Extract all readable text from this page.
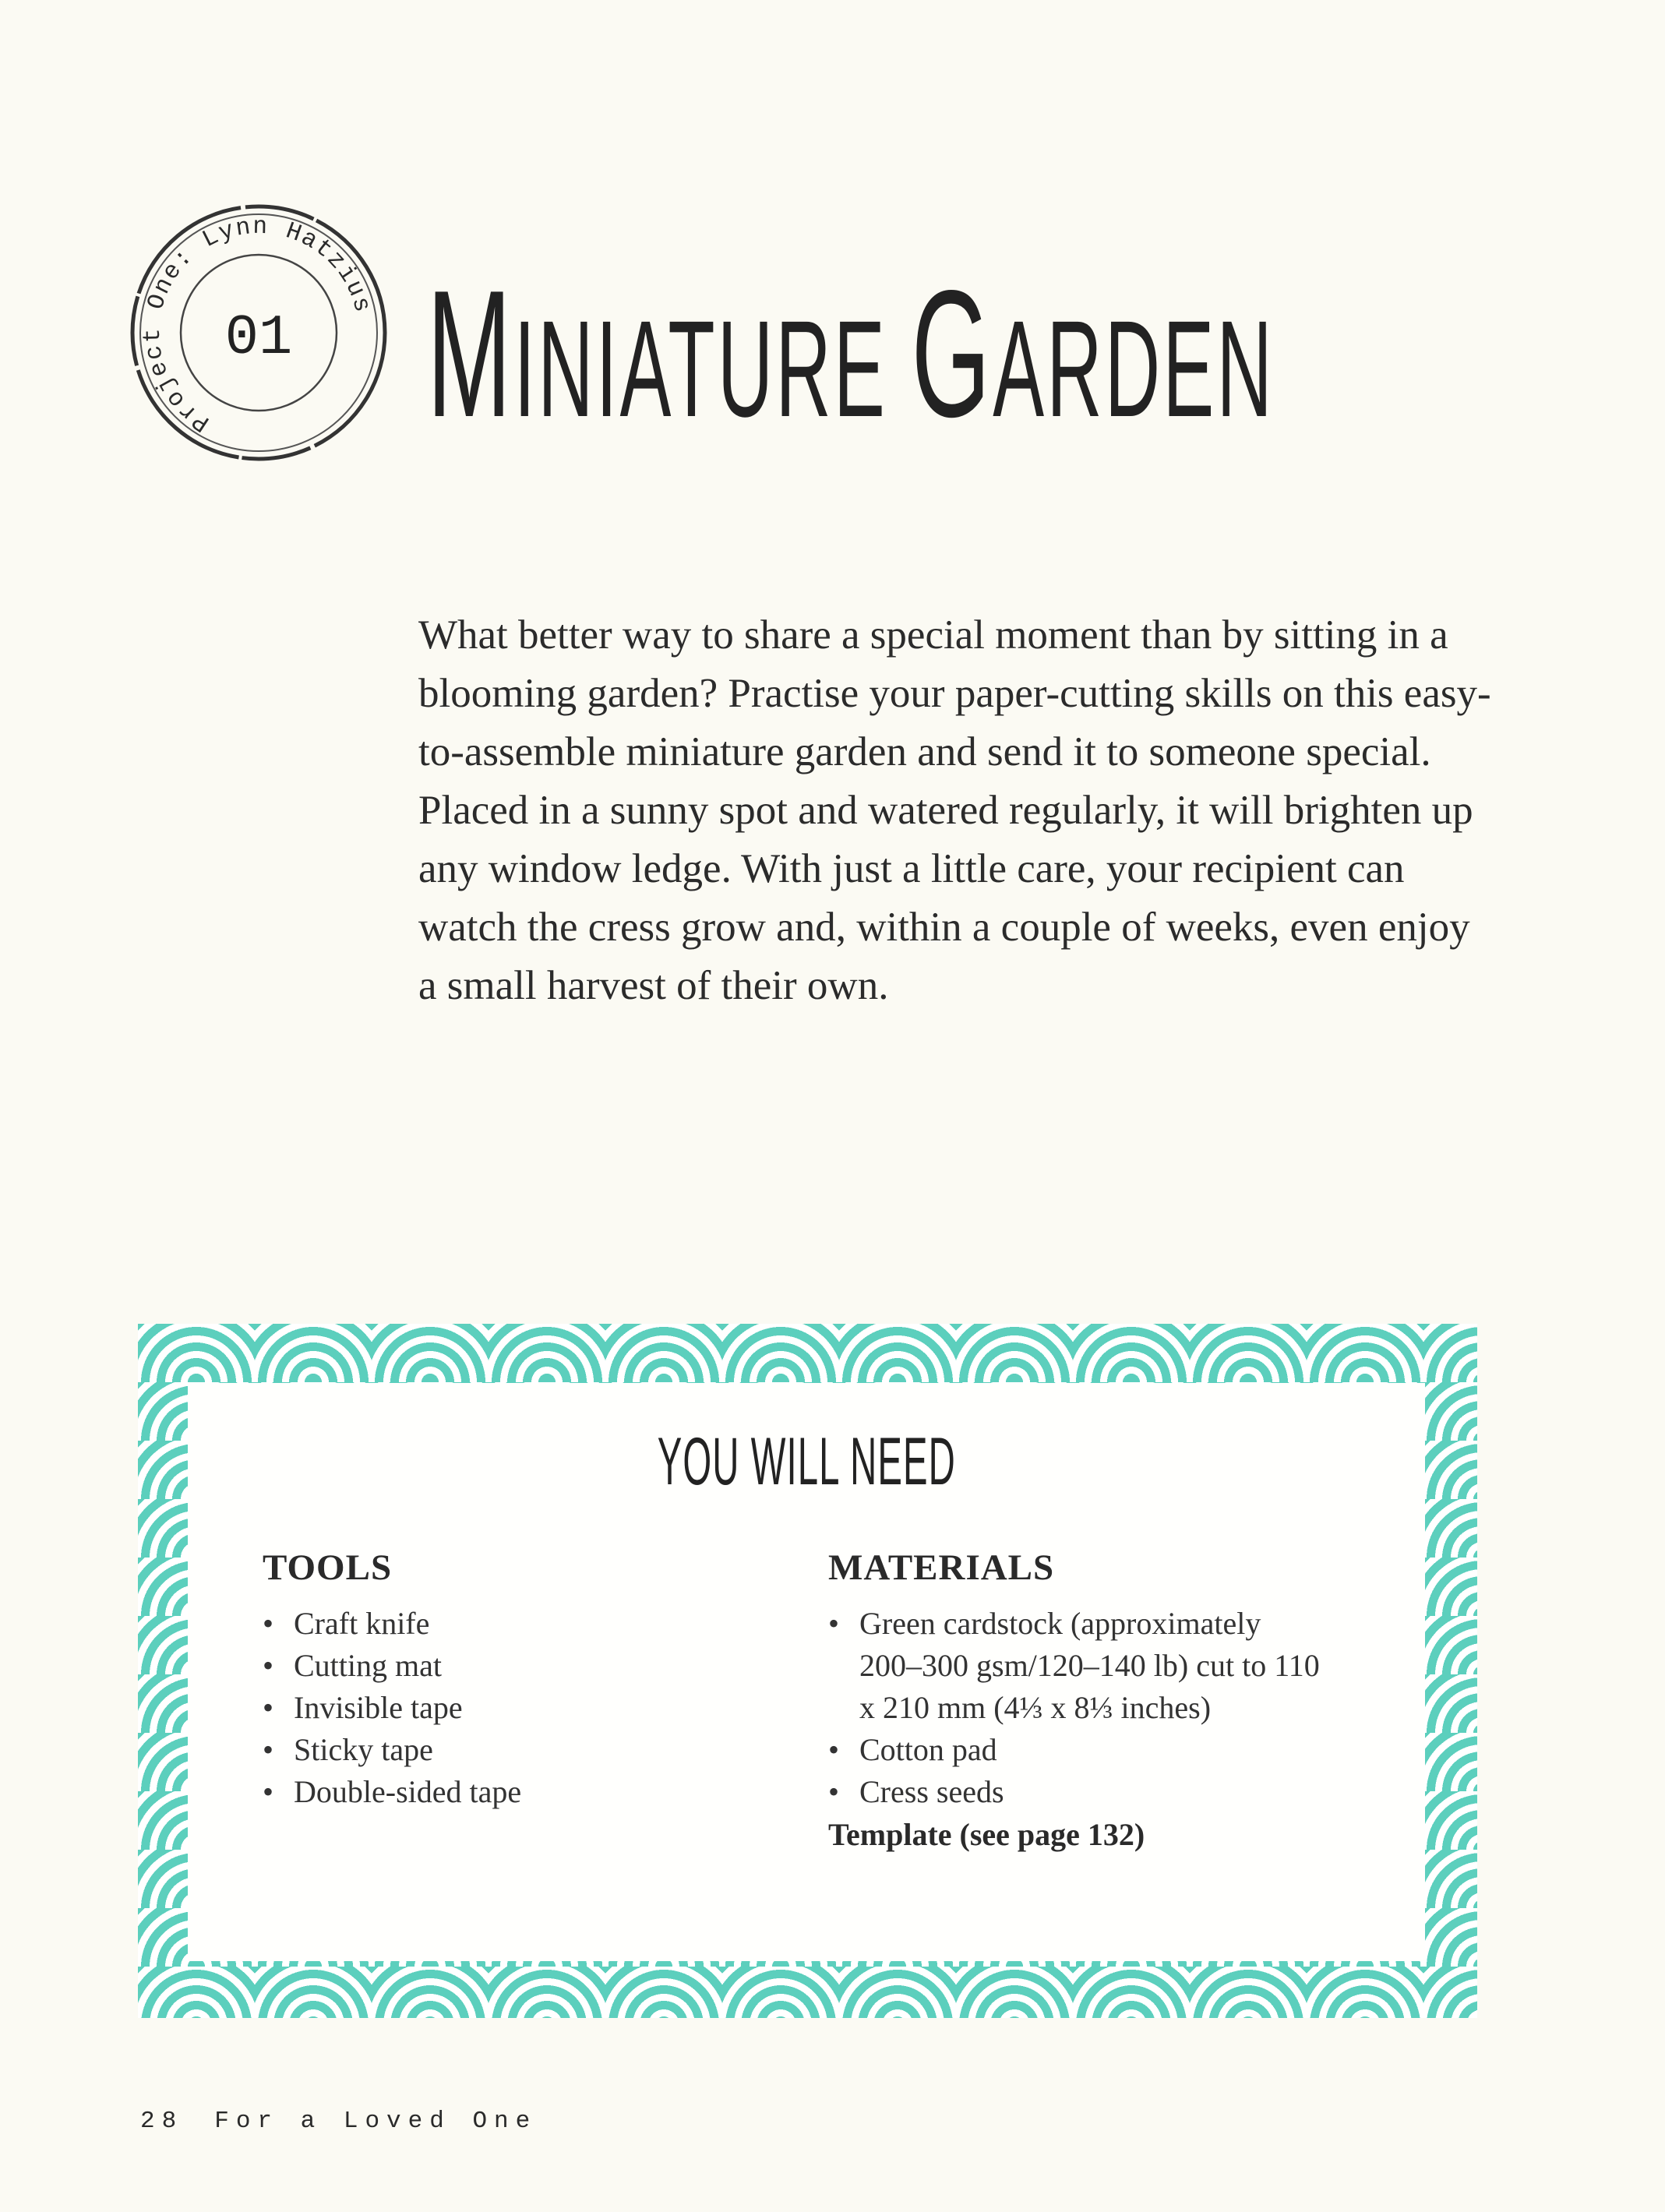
Project One: Lynn Hatzius
01 MINIATURE GARDEN

What better way to share a special moment than by sitting in a blooming garden? Practise your paper-cutting skills on this easy-to-assemble miniature garden and send it to someone special. Placed in a sunny spot and watered regularly, it will brighten up any window ledge. With just a little care, your recipient can watch the cress grow and, within a couple of weeks, even enjoy a small harvest of their own.

YOU WILL NEED
TOOLS
• Craft knife
• Cutting mat
• Invisible tape
• Sticky tape
• Double-sided tape
MATERIALS
• Green cardstock (approximately 200–300 gsm/120–140 lb) cut to 110 x 210 mm (4⅓ x 8⅓ inches)
• Cotton pad
• Cress seeds
Template (see page 132)
28 For a Loved One
